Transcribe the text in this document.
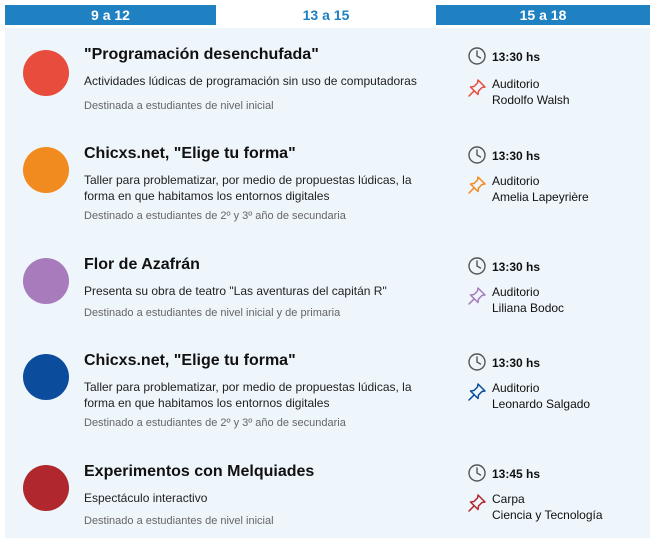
9 a 12	13 a 15	15 a 18
"Programación desenchufada"
Actividades lúdicas de programación sin uso de computadoras
Destinada a estudiantes de nivel inicial
13:30 hs
Auditorio
Rodolfo Walsh
Chicxs.net, "Elige tu forma"
Taller para problematizar, por medio de propuestas lúdicas, la forma en que habitamos los entornos digitales
Destinado a estudiantes de 2º y 3º año de secundaria
13:30 hs
Auditorio
Amelia Lapeyrière
Flor de Azafrán
Presenta su obra de teatro "Las aventuras del capitán R"
Destinado a estudiantes de nivel inicial y de primaria
13:30 hs
Auditorio
Liliana Bodoc
Chicxs.net, "Elige tu forma"
Taller para problematizar, por medio de propuestas lúdicas, la forma en que habitamos los entornos digitales
Destinado a estudiantes de 2º y 3º año de secundaria
13:30 hs
Auditorio
Leonardo Salgado
Experimentos con Melquiades
Espectáculo interactivo
Destinado a estudiantes de nivel inicial
13:45 hs
Carpa
Ciencia y Tecnología
